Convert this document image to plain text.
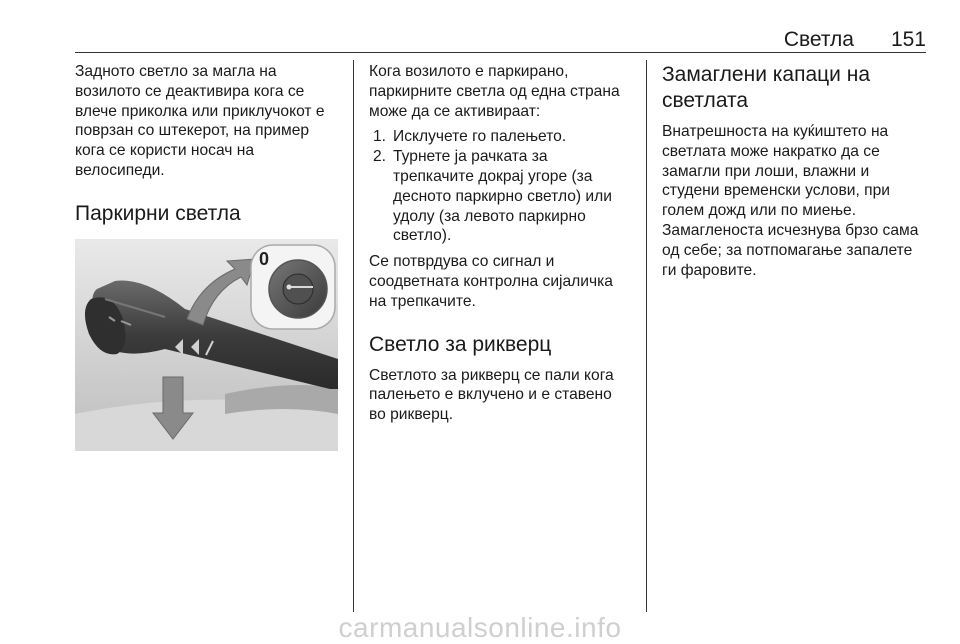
Светла 151

Задното светло за магла на
возилото се деактивира кога се
влече приколка или приклучокот е
поврзан со штекерот, на пример
кога се користи носач на
велосипеди.

Паркирни светла
0

Кога возилото е паркирано,
паркирните светла од една страна
може да се активираат:

1. Исклучете го палењето.
2. Турнете ја рачката за
трепкачите докрај угоре (за
десното паркирно светло) или
удолу (за левото паркирно
светло).

Се потврдува со сигнал и
соодветната контролна сијаличка
на трепкачите.

Светло за рикверц

Светлото за рикверц се пали кога
палењето е вклучено и е ставено
во рикверц.

Замаглени капаци на
светлата

Внатрешноста на куќиштето на
светлата може накратко да се
замагли при лоши, влажни и
студени временски услови, при
голем дожд или по миење.
Замагленоста исчезнува брзо сама
од себе; за потпомагање запалете
ги фаровите.

carmanualsonline.info
